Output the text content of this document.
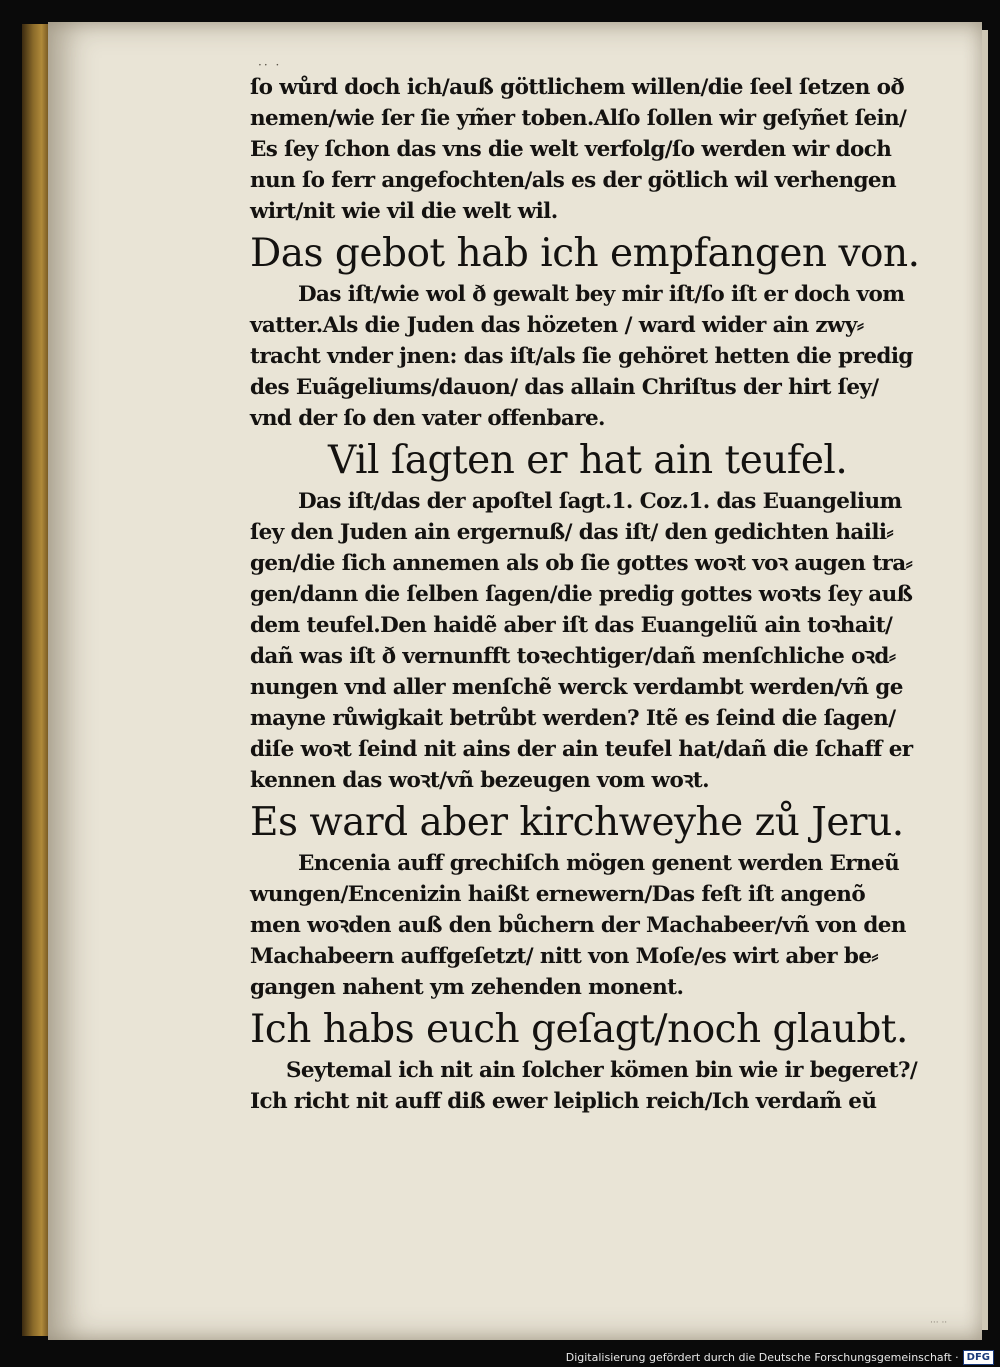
·· ·
ſo wůrd doch ich/auß göttlichem willen/die ſeel ſetzen oð
nemen/wie ſer ſie ym̃er toben.Alſo ſollen wir geſyñet ſein/
Es ſey ſchon das vns die welt verfolg/ſo werden wir doch
nun ſo ferr angefochten/als es der götlich wil verhengen
wirt/nit wie vil die welt wil.
Das gebot hab ich empfangen von.
Das iſt/wie wol ð gewalt bey mir iſt/ſo iſt er doch vom
vatter.Als die Juden das hözeten / ward wider ain zwy⸗
tracht vnder jnen: das iſt/als ſie gehöret hetten die predig
des Euãgeliums/dauon/ das allain Chriſtus der hirt ſey/
vnd der ſo den vater offenbare.
Vil ſagten er hat ain teufel.
Das iſt/das der apoſtel ſagt.1. Coz.1. das Euangelium
ſey den Juden ain ergernuß/ das iſt/ den gedichten haili⸗
gen/die ſich annemen als ob ſie gottes woꝛt voꝛ augen tra⸗
gen/dann die ſelben ſagen/die predig gottes woꝛts ſey auß
dem teufel.Den haidẽ aber iſt das Euangeliũ ain toꝛhait/
dañ was iſt ð vernunfft toꝛechtiger/dañ menſchliche oꝛd⸗
nungen vnd aller menſchẽ werck verdambt werden/vñ ge
mayne růwigkait betrůbt werden? Itẽ es ſeind die ſagen/
diſe woꝛt ſeind nit ains der ain teufel hat/dañ die ſchaff er
kennen das woꝛt/vñ bezeugen vom woꝛt.
Es ward aber kirchweyhe zů Jeru.
Encenia auff grechiſch mögen genent werden Erneũ
wungen/Encenizin haißt ernewern/Das feſt iſt angenõ
men woꝛden auß den bůchern der Machabeer/vñ von den
Machabeern auffgeſetzt/ nitt von Moſe/es wirt aber be⸗
gangen nahent ym zehenden monent.
Ich habs euch geſagt/noch glaubt.
Seytemal ich nit ain ſolcher kömen bin wie ir begeret?/
Ich richt nit auff diß ewer leiplich reich/Ich verdam̃ eŭ
··· ··
Digitalisierung gefördert durch die Deutsche Forschungsgemeinschaft · DFG
